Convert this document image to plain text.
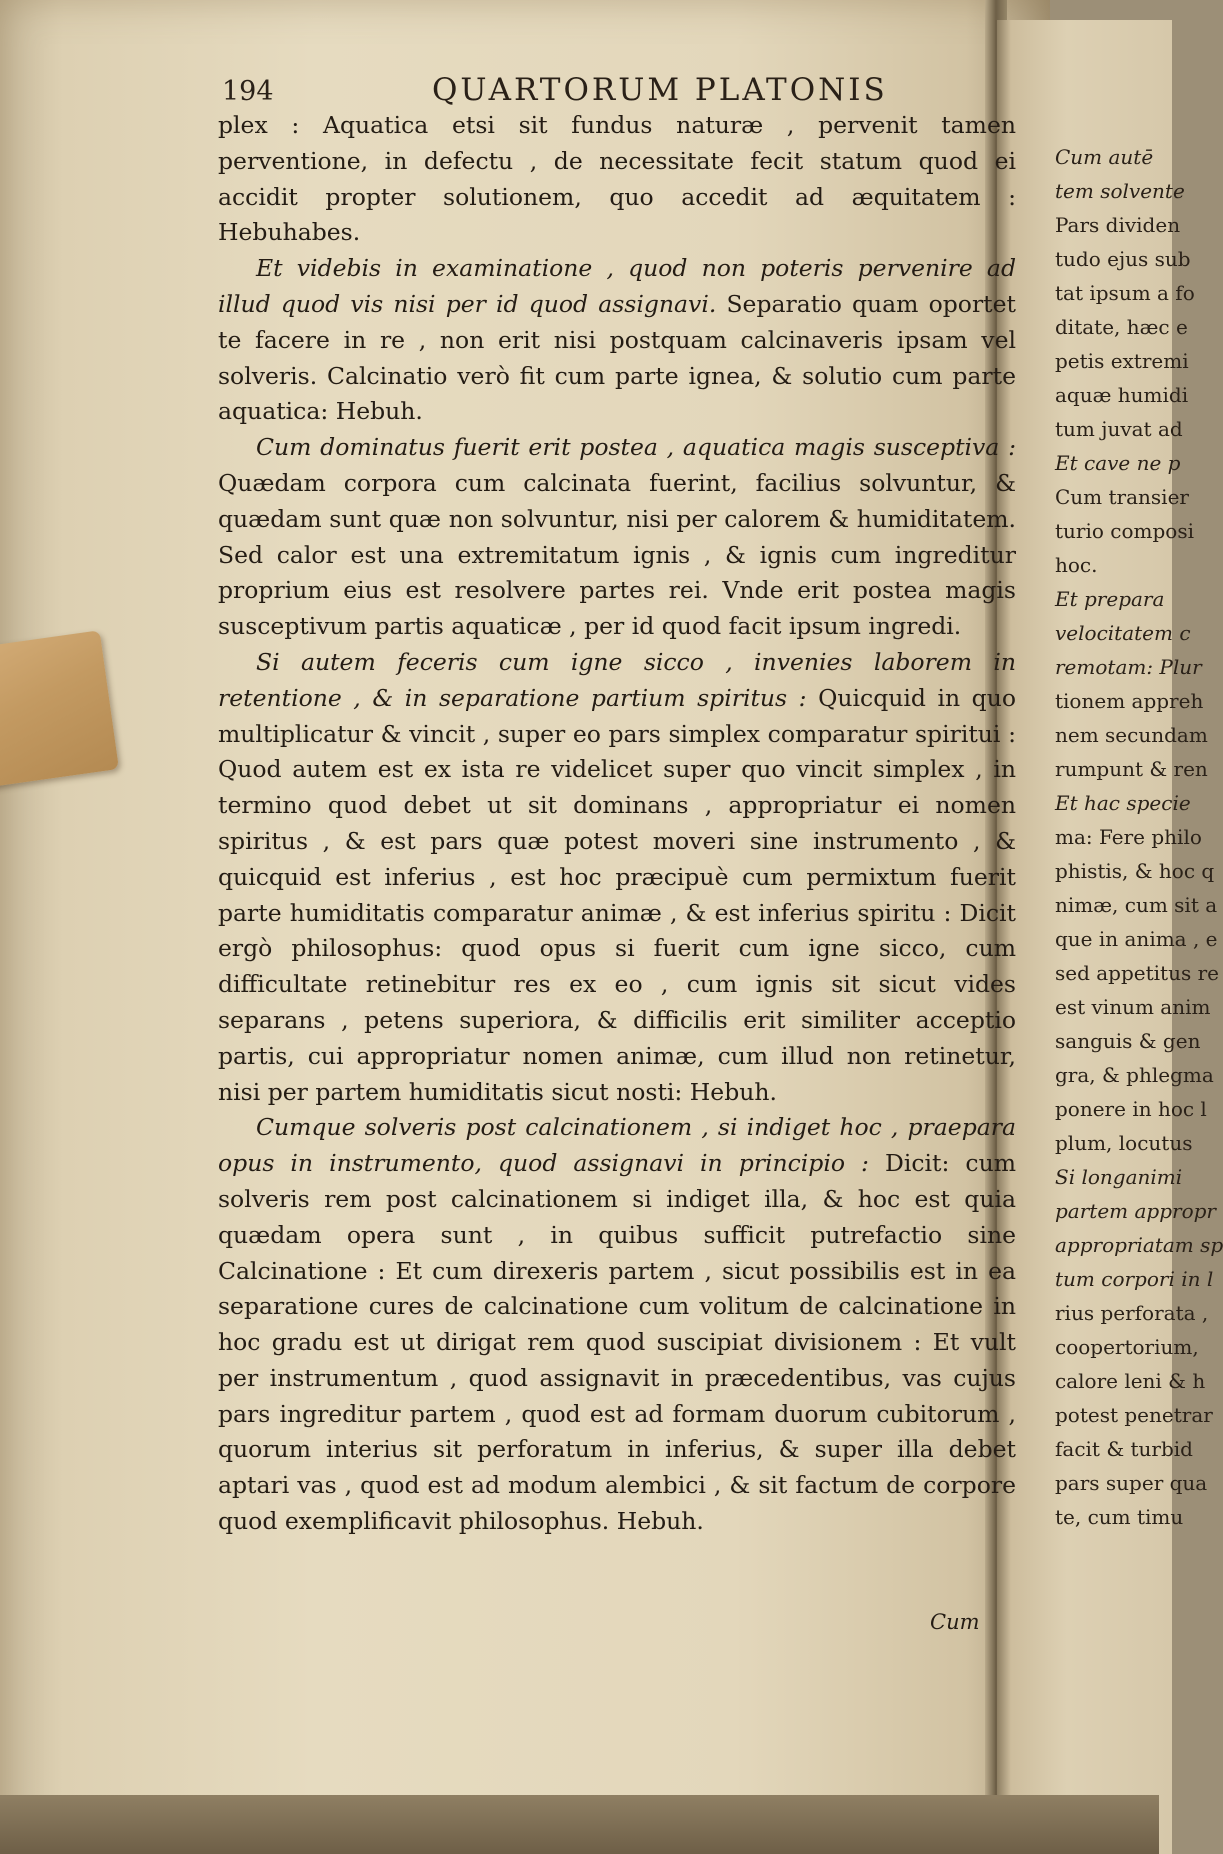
194	QUARTORUM PLATONIS

plex : Aquatica etsi sit fundus naturæ , pervenit tamen perventione, in defectu , de necessitate fecit statum quod ei accidit propter solutionem, quo accedit ad æquitatem : Hebuhabes.

Et videbis in examinatione , quod non poteris pervenire ad illud quod vis nisi per id quod assignavi. Separatio quam oportet te facere in re , non erit nisi postquam calcinaveris ipsam vel solveris. Calcinatio verò fit cum parte ignea, & solutio cum parte aquatica: Hebuh.

Cum dominatus fuerit erit postea , aquatica magis susceptiva : Quædam corpora cum calcinata fuerint, facilius solvuntur, & quædam sunt quæ non solvuntur, nisi per calorem & humiditatem. Sed calor est una extremitatum ignis , & ignis cum ingreditur proprium eius est resolvere partes rei. Vnde erit postea magis susceptivum partis aquaticæ , per id quod facit ipsum ingredi.

Si autem feceris cum igne sicco , invenies laborem in retentione , & in separatione partium spiritus : Quicquid in quo multiplicatur & vincit , super eo pars simplex comparatur spiritui : Quod autem est ex ista re videlicet super quo vincit simplex , in termino quod debet ut sit dominans , appropriatur ei nomen spiritus , & est pars quæ potest moveri sine instrumento , & quicquid est inferius , est hoc præcipuè cum permixtum fuerit parte humiditatis comparatur animæ , & est inferius spiritu : Dicit ergò philosophus: quod opus si fuerit cum igne sicco, cum difficultate retinebitur res ex eo , cum ignis sit sicut vides separans , petens superiora, & difficilis erit similiter acceptio partis, cui appropriatur nomen animæ, cum illud non retinetur, nisi per partem humiditatis sicut nosti: Hebuh.

Cumque solveris post calcinationem , si indiget hoc , praepara opus in instrumento, quod assignavi in principio : Dicit: cum solveris rem post calcinationem si indiget illa, & hoc est quia quædam opera sunt , in quibus sufficit putrefactio sine Calcinatione : Et cum direxeris partem , sicut possibilis est in ea separatione cures de calcinatione cum volitum de calcinatione in hoc gradu est ut dirigat rem quod suscipiat divisionem : Et vult per instrumentum , quod assignavit in præcedentibus, vas cujus pars ingreditur partem , quod est ad formam duorum cubitorum , quorum interius sit perforatum in inferius, & super illa debet aptari vas , quod est ad modum alembici , & sit factum de corpore quod exemplificavit philosophus. Hebuh.

Cum
Cum autē
tem solvente
Pars dividen
tudo ejus sub
tat ipsum a fo
ditate, hæc e
petis extremi
aquæ humidi
tum juvat ad
Et cave ne p
Cum transier
turio composi
hoc.
Et prepara
velocitatem c
remotam: Plur
tionem appreh
nem secundam
rumpunt & ren
Et hac specie
ma: Fere philo
phistis, & hoc q
nimæ, cum sit a
que in anima , e
sed appetitus re
est vinum anim
sanguis & gen
gra, & phlegma
ponere in hoc l
plum, locutus
Si longanimi
partem appropr
appropriatam sp
tum corpori in l
rius perforata ,
coopertorium,
calore leni & h
potest penetrar
facit & turbid
pars super qua
te, cum timu
